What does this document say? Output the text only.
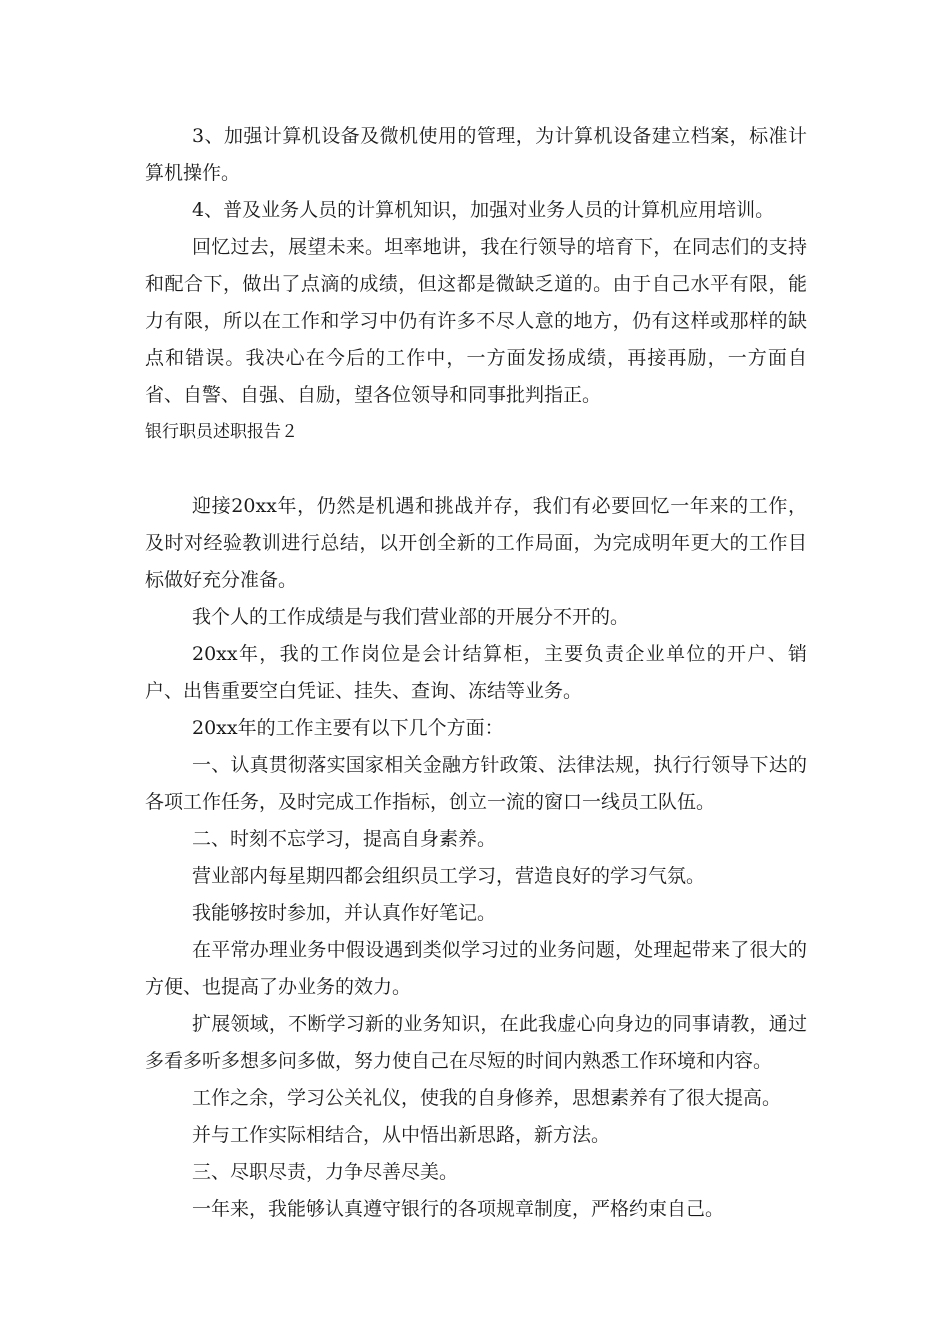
3、加强计算机设备及微机使用的管理，为计算机设备建立档案，标准计算机操作。

4、普及业务人员的计算机知识，加强对业务人员的计算机应用培训。

回忆过去，展望未来。坦率地讲，我在行领导的培育下，在同志们的支持和配合下，做出了点滴的成绩，但这都是微缺乏道的。由于自己水平有限，能力有限，所以在工作和学习中仍有许多不尽人意的地方，仍有这样或那样的缺点和错误。我决心在今后的工作中，一方面发扬成绩，再接再励，一方面自省、自警、自强、自励，望各位领导和同事批判指正。

银行职员述职报告２

迎接20xx年，仍然是机遇和挑战并存，我们有必要回忆一年来的工作，及时对经验教训进行总结，以开创全新的工作局面，为完成明年更大的工作目标做好充分准备。

我个人的工作成绩是与我们营业部的开展分不开的。

20xx年，我的工作岗位是会计结算柜，主要负责企业单位的开户、销户、出售重要空白凭证、挂失、查询、冻结等业务。

20xx年的工作主要有以下几个方面：

一、认真贯彻落实国家相关金融方针政策、法律法规，执行行领导下达的各项工作任务，及时完成工作指标，创立一流的窗口一线员工队伍。

二、时刻不忘学习，提高自身素养。

营业部内每星期四都会组织员工学习，营造良好的学习气氛。

我能够按时参加，并认真作好笔记。

在平常办理业务中假设遇到类似学习过的业务问题，处理起带来了很大的方便、也提高了办业务的效力。

扩展领域，不断学习新的业务知识，在此我虚心向身边的同事请教，通过多看多听多想多问多做，努力使自己在尽短的时间内熟悉工作环境和内容。

工作之余，学习公关礼仪，使我的自身修养，思想素养有了很大提高。

并与工作实际相结合，从中悟出新思路，新方法。

三、尽职尽责，力争尽善尽美。

一年来，我能够认真遵守银行的各项规章制度，严格约束自己。
